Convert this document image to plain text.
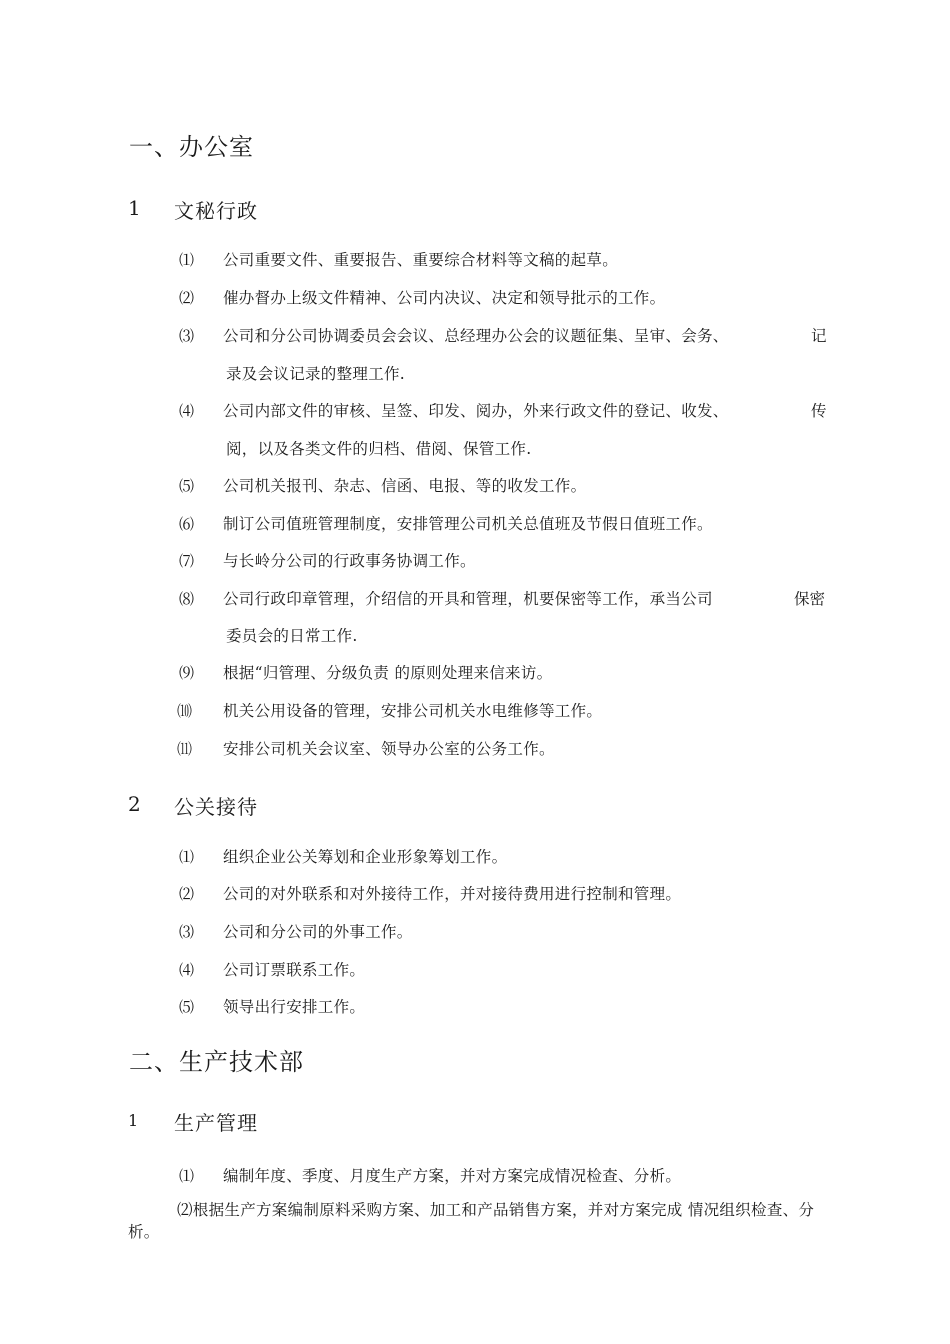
一、办公室
1 文秘行政
⑴ 公司重要文件、重要报告、重要综合材料等文稿的起草。
⑵ 催办督办上级文件精神、公司内决议、决定和领导批示的工作。
⑶ 公司和分公司协调委员会会议、总经理办公会的议题征集、呈审、会务、	记
录及会议记录的整理工作.
⑷ 公司内部文件的审核、呈签、印发、阅办，外来行政文件的登记、收发、	传
阅，以及各类文件的归档、借阅、保管工作.
⑸ 公司机关报刊、杂志、信函、电报、等的收发工作。
⑹ 制订公司值班管理制度，安排管理公司机关总值班及节假日值班工作。
⑺ 与长岭分公司的行政事务协调工作。
⑻ 公司行政印章管理，介绍信的开具和管理，机要保密等工作，承当公司	保密
委员会的日常工作.
⑼ 根据“归管理、分级负责 的原则处理来信来访。
⑽ 机关公用设备的管理，安排公司机关水电维修等工作。
⑾ 安排公司机关会议室、领导办公室的公务工作。
2 公关接待
⑴ 组织企业公关筹划和企业形象筹划工作。
⑵ 公司的对外联系和对外接待工作，并对接待费用进行控制和管理。
⑶ 公司和分公司的外事工作。
⑷ 公司订票联系工作。
⑸ 领导出行安排工作。
二、生产技术部
1 生产管理
⑴ 编制年度、季度、月度生产方案，并对方案完成情况检查、分析。
⑵根据生产方案编制原料采购方案、加工和产品销售方案，并对方案完成 情况组织检查、分析。
